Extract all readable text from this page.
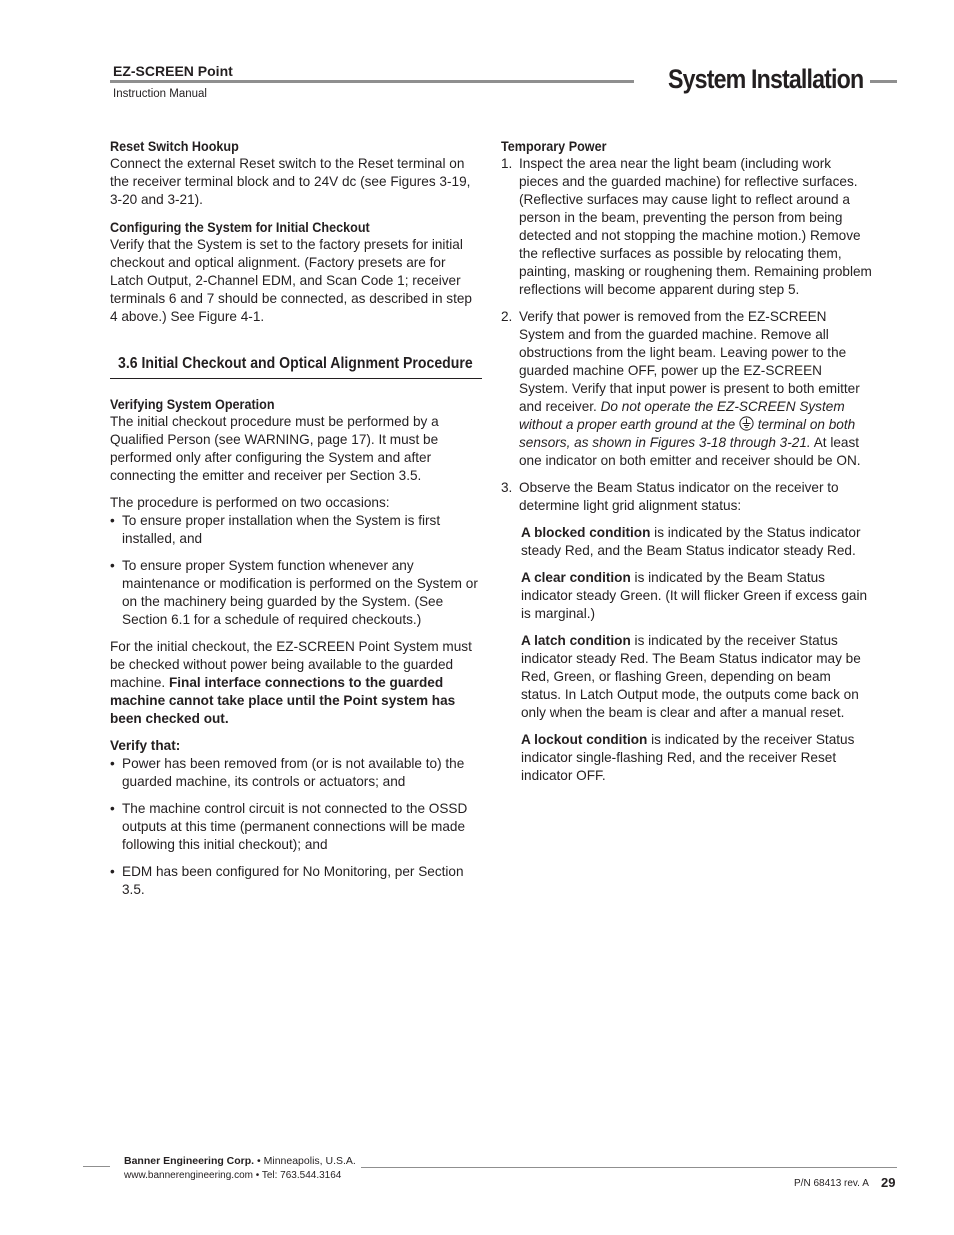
EZ-SCREEN Point
Instruction Manual	System Installation
Reset Switch Hookup

Connect the external Reset switch to the Reset terminal on the receiver terminal block and to 24V dc (see Figures 3-19, 3-20 and 3-21).

Configuring the System for Initial Checkout

Verify that the System is set to the factory presets for initial checkout and optical alignment. (Factory presets are for Latch Output, 2-Channel EDM, and Scan Code 1; receiver terminals 6 and 7 should be connected, as described in step 4 above.) See Figure 4-1.

3.6 Initial Checkout and Optical Alignment Procedure
Verifying System Operation

The initial checkout procedure must be performed by a Qualified Person (see WARNING, page 17). It must be performed only after configuring the System and after connecting the emitter and receiver per Section 3.5.

The procedure is performed on two occasions:

• To ensure proper installation when the System is first installed, and
• To ensure proper System function whenever any maintenance or modification is performed on the System or on the machinery being guarded by the System. (See Section 6.1 for a schedule of required checkouts.)

For the initial checkout, the EZ-SCREEN Point System must be checked without power being available to the guarded machine. Final interface connections to the guarded machine cannot take place until the Point system has been checked out.

Verify that:
• Power has been removed from (or is not available to) the guarded machine, its controls or actuators; and
• The machine control circuit is not connected to the OSSD outputs at this time (permanent connections will be made following this initial checkout); and
• EDM has been configured for No Monitoring, per Section 3.5.
Temporary Power
1. Inspect the area near the light beam (including work pieces and the guarded machine) for reflective surfaces. (Reflective surfaces may cause light to reflect around a person in the beam, preventing the person from being detected and not stopping the machine motion.) Remove the reflective surfaces as possible by relocating them, painting, masking or roughening them. Remaining problem reflections will become apparent during step 5.
2. Verify that power is removed from the EZ-SCREEN System and from the guarded machine. Remove all obstructions from the light beam. Leaving power to the guarded machine OFF, power up the EZ-SCREEN System. Verify that input power is present to both emitter and receiver. Do not operate the EZ-SCREEN System without a proper earth ground at the  terminal on both sensors, as shown in Figures 3-18 through 3-21. At least one indicator on both emitter and receiver should be ON.
3. Observe the Beam Status indicator on the receiver to determine light grid alignment status:

A blocked condition is indicated by the Status indicator steady Red, and the Beam Status indicator steady Red.

A clear condition is indicated by the Beam Status indicator steady Green. (It will flicker Green if excess gain is marginal.)

A latch condition is indicated by the receiver Status indicator steady Red. The Beam Status indicator may be Red, Green, or flashing Green, depending on beam status. In Latch Output mode, the outputs come back on only when the beam is clear and after a manual reset.

A lockout condition is indicated by the receiver Status indicator single-flashing Red, and the receiver Reset indicator OFF.

Banner Engineering Corp. • Minneapolis, U.S.A.
www.bannerengineering.com • Tel: 763.544.3164
P/N 68413 rev. A 29
